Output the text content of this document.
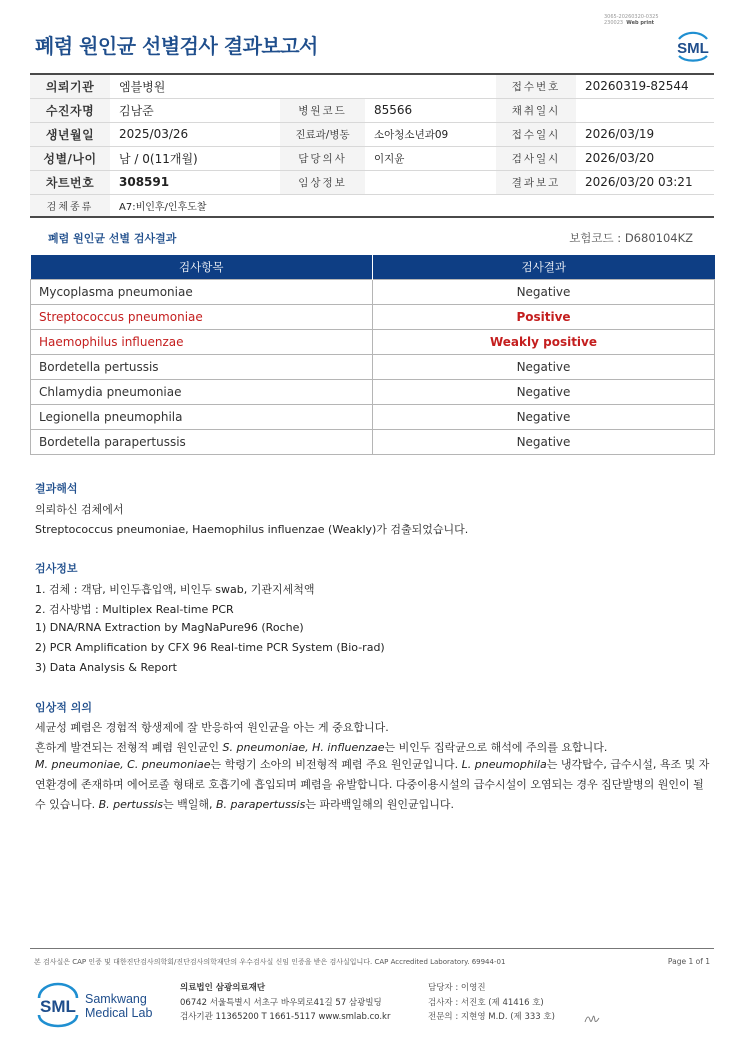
폐렴 원인균 선별검사 결과보고서
3065-20260320-0325
230023 Web print
SML
의뢰기관	엠블병원			접수번호	20260319-82544
수진자명	김남준	병원코드	85566	채취일시	
생년월일	2025/03/26	진료과/병동	소아청소년과09	접수일시	2026/03/19
성별/나이	남 / 0(11개월)	담당의사	이지윤	검사일시	2026/03/20
차트번호	308591	임상정보		결과보고	2026/03/20 03:21
검체종류	A7:비인후/인후도찰				
폐렴 원인균 선별 검사결과	보험코드 : D680104KZ
검사항목	검사결과
Mycoplasma pneumoniae	Negative
Streptococcus pneumoniae	Positive
Haemophilus influenzae	Weakly positive
Bordetella pertussis	Negative
Chlamydia pneumoniae	Negative
Legionella pneumophila	Negative
Bordetella parapertussis	Negative
결과해석
의뢰하신 검체에서
Streptococcus pneumoniae, Haemophilus influenzae (Weakly)가 검출되었습니다.
검사정보
1. 검체 : 객담, 비인두흡입액, 비인두 swab, 기관지세척액
2. 검사방법 : Multiplex Real-time PCR
1) DNA/RNA Extraction by MagNaPure96 (Roche)
2) PCR Amplification by CFX 96 Real-time PCR System (Bio-rad)
3) Data Analysis & Report
임상적 의의
세균성 폐렴은 경험적 항생제에 잘 반응하여 원인균을 아는 게 중요합니다.
흔하게 발견되는 전형적 폐렴 원인균인 S. pneumoniae, H. influenzae는 비인두 집락균으로 해석에 주의를 요합니다.
M. pneumoniae, C. pneumoniae는 학령기 소아의 비전형적 폐렴 주요 원인균입니다. L. pneumophila는 냉각탑수, 급수시설, 욕조 및 자연환경에 존재하며 에어로졸 형태로 호흡기에 흡입되며 폐렴을 유발합니다. 다중이용시설의 급수시설이 오염되는 경우 집단발병의 원인이 될 수 있습니다. B. pertussis는 백일해, B. parapertussis는 파라백일해의 원인균입니다.
본 검사실은 CAP 인증 및 대한진단검사의학회/진단검사의학재단의 우수검사실 신임 인증을 받은 검사실입니다. CAP Accredited Laboratory. 69944-01	Page 1 of 1
SML Samkwang
Medical Lab
의료법인 삼광의료재단
06742 서울특별시 서초구 바우뫼로41길 57 삼광빌딩
검사기관 11365200 T 1661-5117 www.smlab.co.kr
담당자 : 이영진
검사자 : 서진호 (제 41416 호)
전문의 : 지현영 M.D. (제 333 호)
